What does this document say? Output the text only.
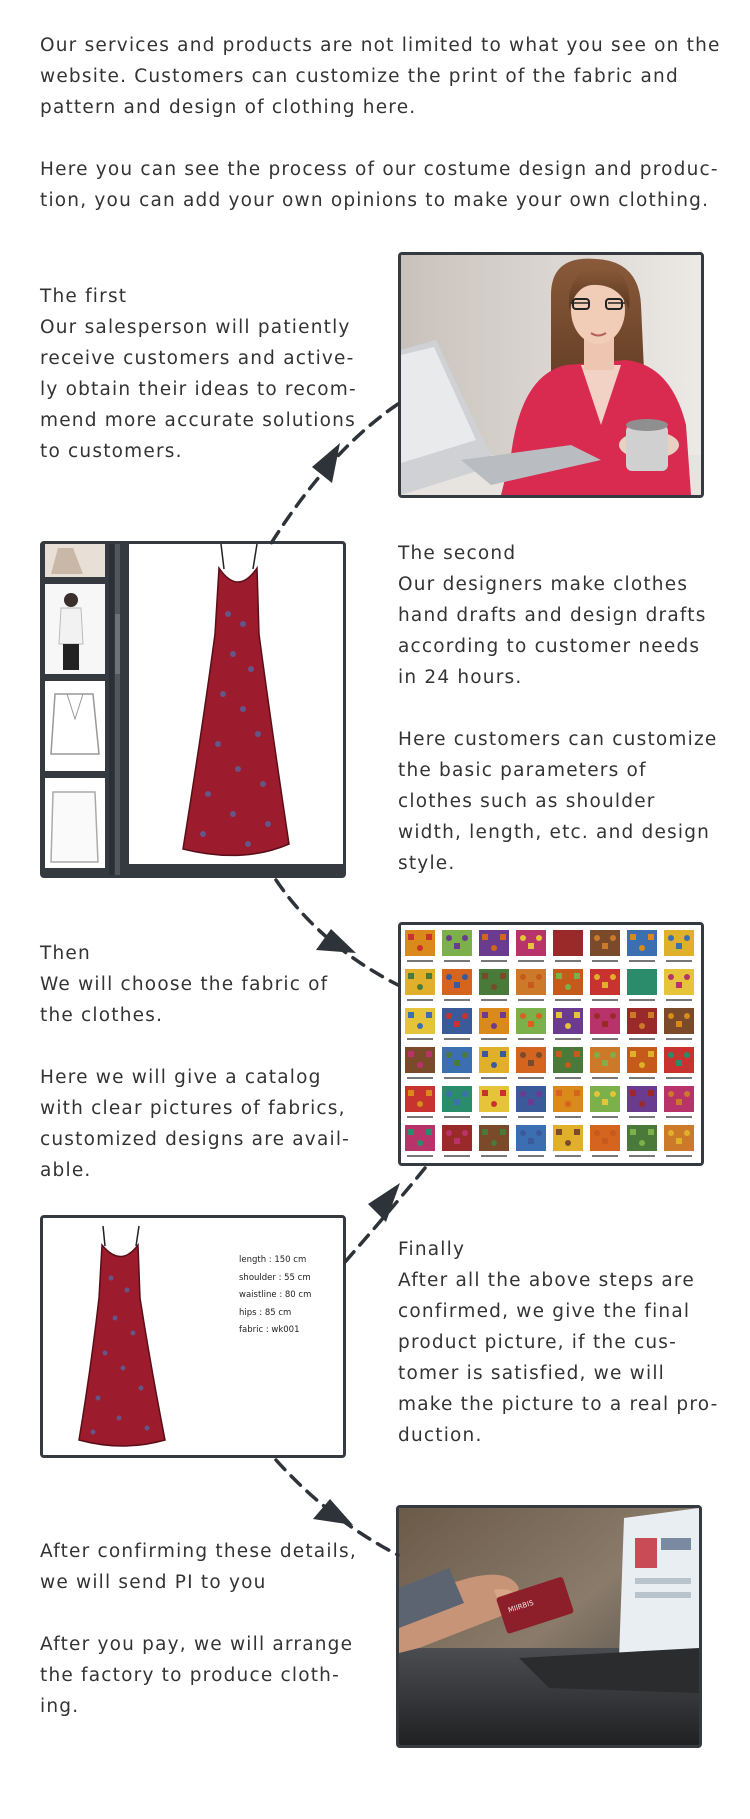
Our services and products are not limited to what you see on the

website. Customers can customize the print of the fabric and

pattern and design of clothing here.

Here you can see the process of our costume design and produc-

tion, you can add your own opinions to make your own clothing.

The first

Our salesperson will patiently

receive customers and active-

ly obtain their ideas to recom-

mend more accurate solutions

to customers.

The second

Our designers make clothes

hand drafts and design drafts

according to customer needs

in 24 hours.

Here customers can customize

the basic parameters of

clothes such as shoulder

width, length, etc. and design

style.

Then

We will choose the fabric of

the clothes.

Here we will give a catalog

with clear pictures of fabrics,

customized designs are avail-

able.

length : 150 cm
shoulder : 55 cm
waistline : 80 cm
hips : 85 cm
fabric : wk001

Finally

After all the above steps are

confirmed, we give the final

product picture, if the cus-

tomer is satisfied, we will

make the picture to a real pro-

duction.

After confirming these details,

we will send PI to you

After you pay, we will arrange

the factory to produce cloth-

ing.

MIIRBIS
